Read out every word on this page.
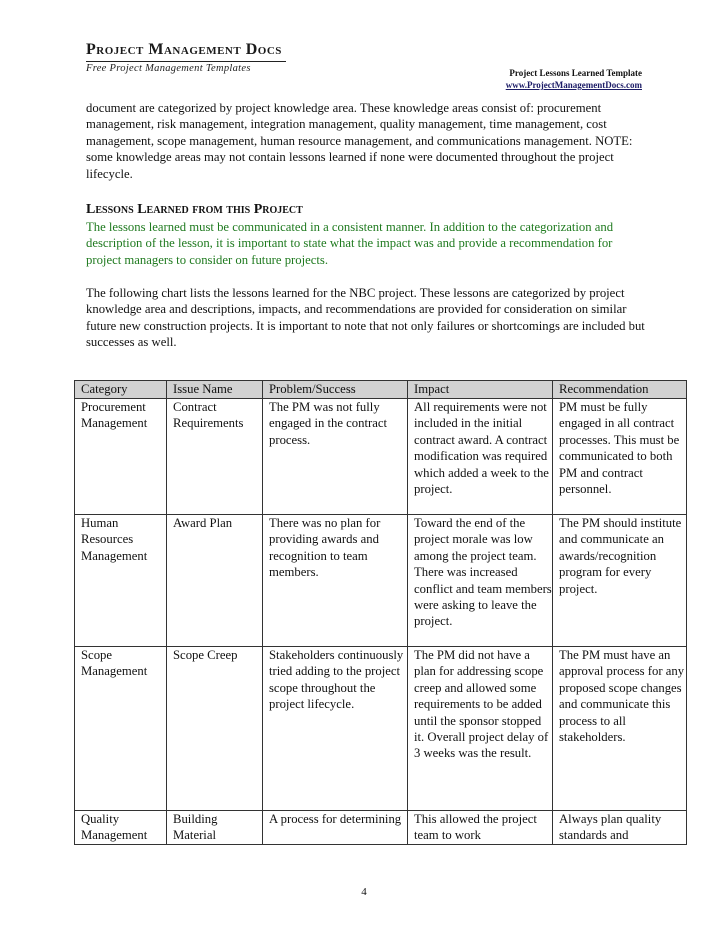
Project Management Docs
Free Project Management Templates	Project Lessons Learned Template
www.ProjectManagementDocs.com

document are categorized by project knowledge area. These knowledge areas consist of: procurement management, risk management, integration management, quality management, time management, cost management, scope management, human resource management, and communications management. NOTE: some knowledge areas may not contain lessons learned if none were documented throughout the project lifecycle.

Lessons Learned from this Project

The lessons learned must be communicated in a consistent manner. In addition to the categorization and description of the lesson, it is important to state what the impact was and provide a recommendation for project managers to consider on future projects.

The following chart lists the lessons learned for the NBC project. These lessons are categorized by project knowledge area and descriptions, impacts, and recommendations are provided for consideration on similar future new construction projects. It is important to note that not only failures or shortcomings are included but successes as well.

Category	Issue Name	Problem/Success	Impact	Recommendation
Procurement Management	Contract Requirements	The PM was not fully engaged in the contract process.	All requirements were not included in the initial contract award. A contract modification was required which added a week to the project.	PM must be fully engaged in all contract processes. This must be communicated to both PM and contract personnel.
Human Resources Management	Award Plan	There was no plan for providing awards and recognition to team members.	Toward the end of the project morale was low among the project team. There was increased conflict and team members were asking to leave the project.	The PM should institute and communicate an awards/recognition program for every project.
Scope Management	Scope Creep	Stakeholders continuously tried adding to the project scope throughout the project lifecycle.	The PM did not have a plan for addressing scope creep and allowed some requirements to be added until the sponsor stopped it. Overall project delay of 3 weeks was the result.	The PM must have an approval process for any proposed scope changes and communicate this process to all stakeholders.
Quality Management	Building Material	A process for determining	This allowed the project team to work	Always plan quality standards and
4
